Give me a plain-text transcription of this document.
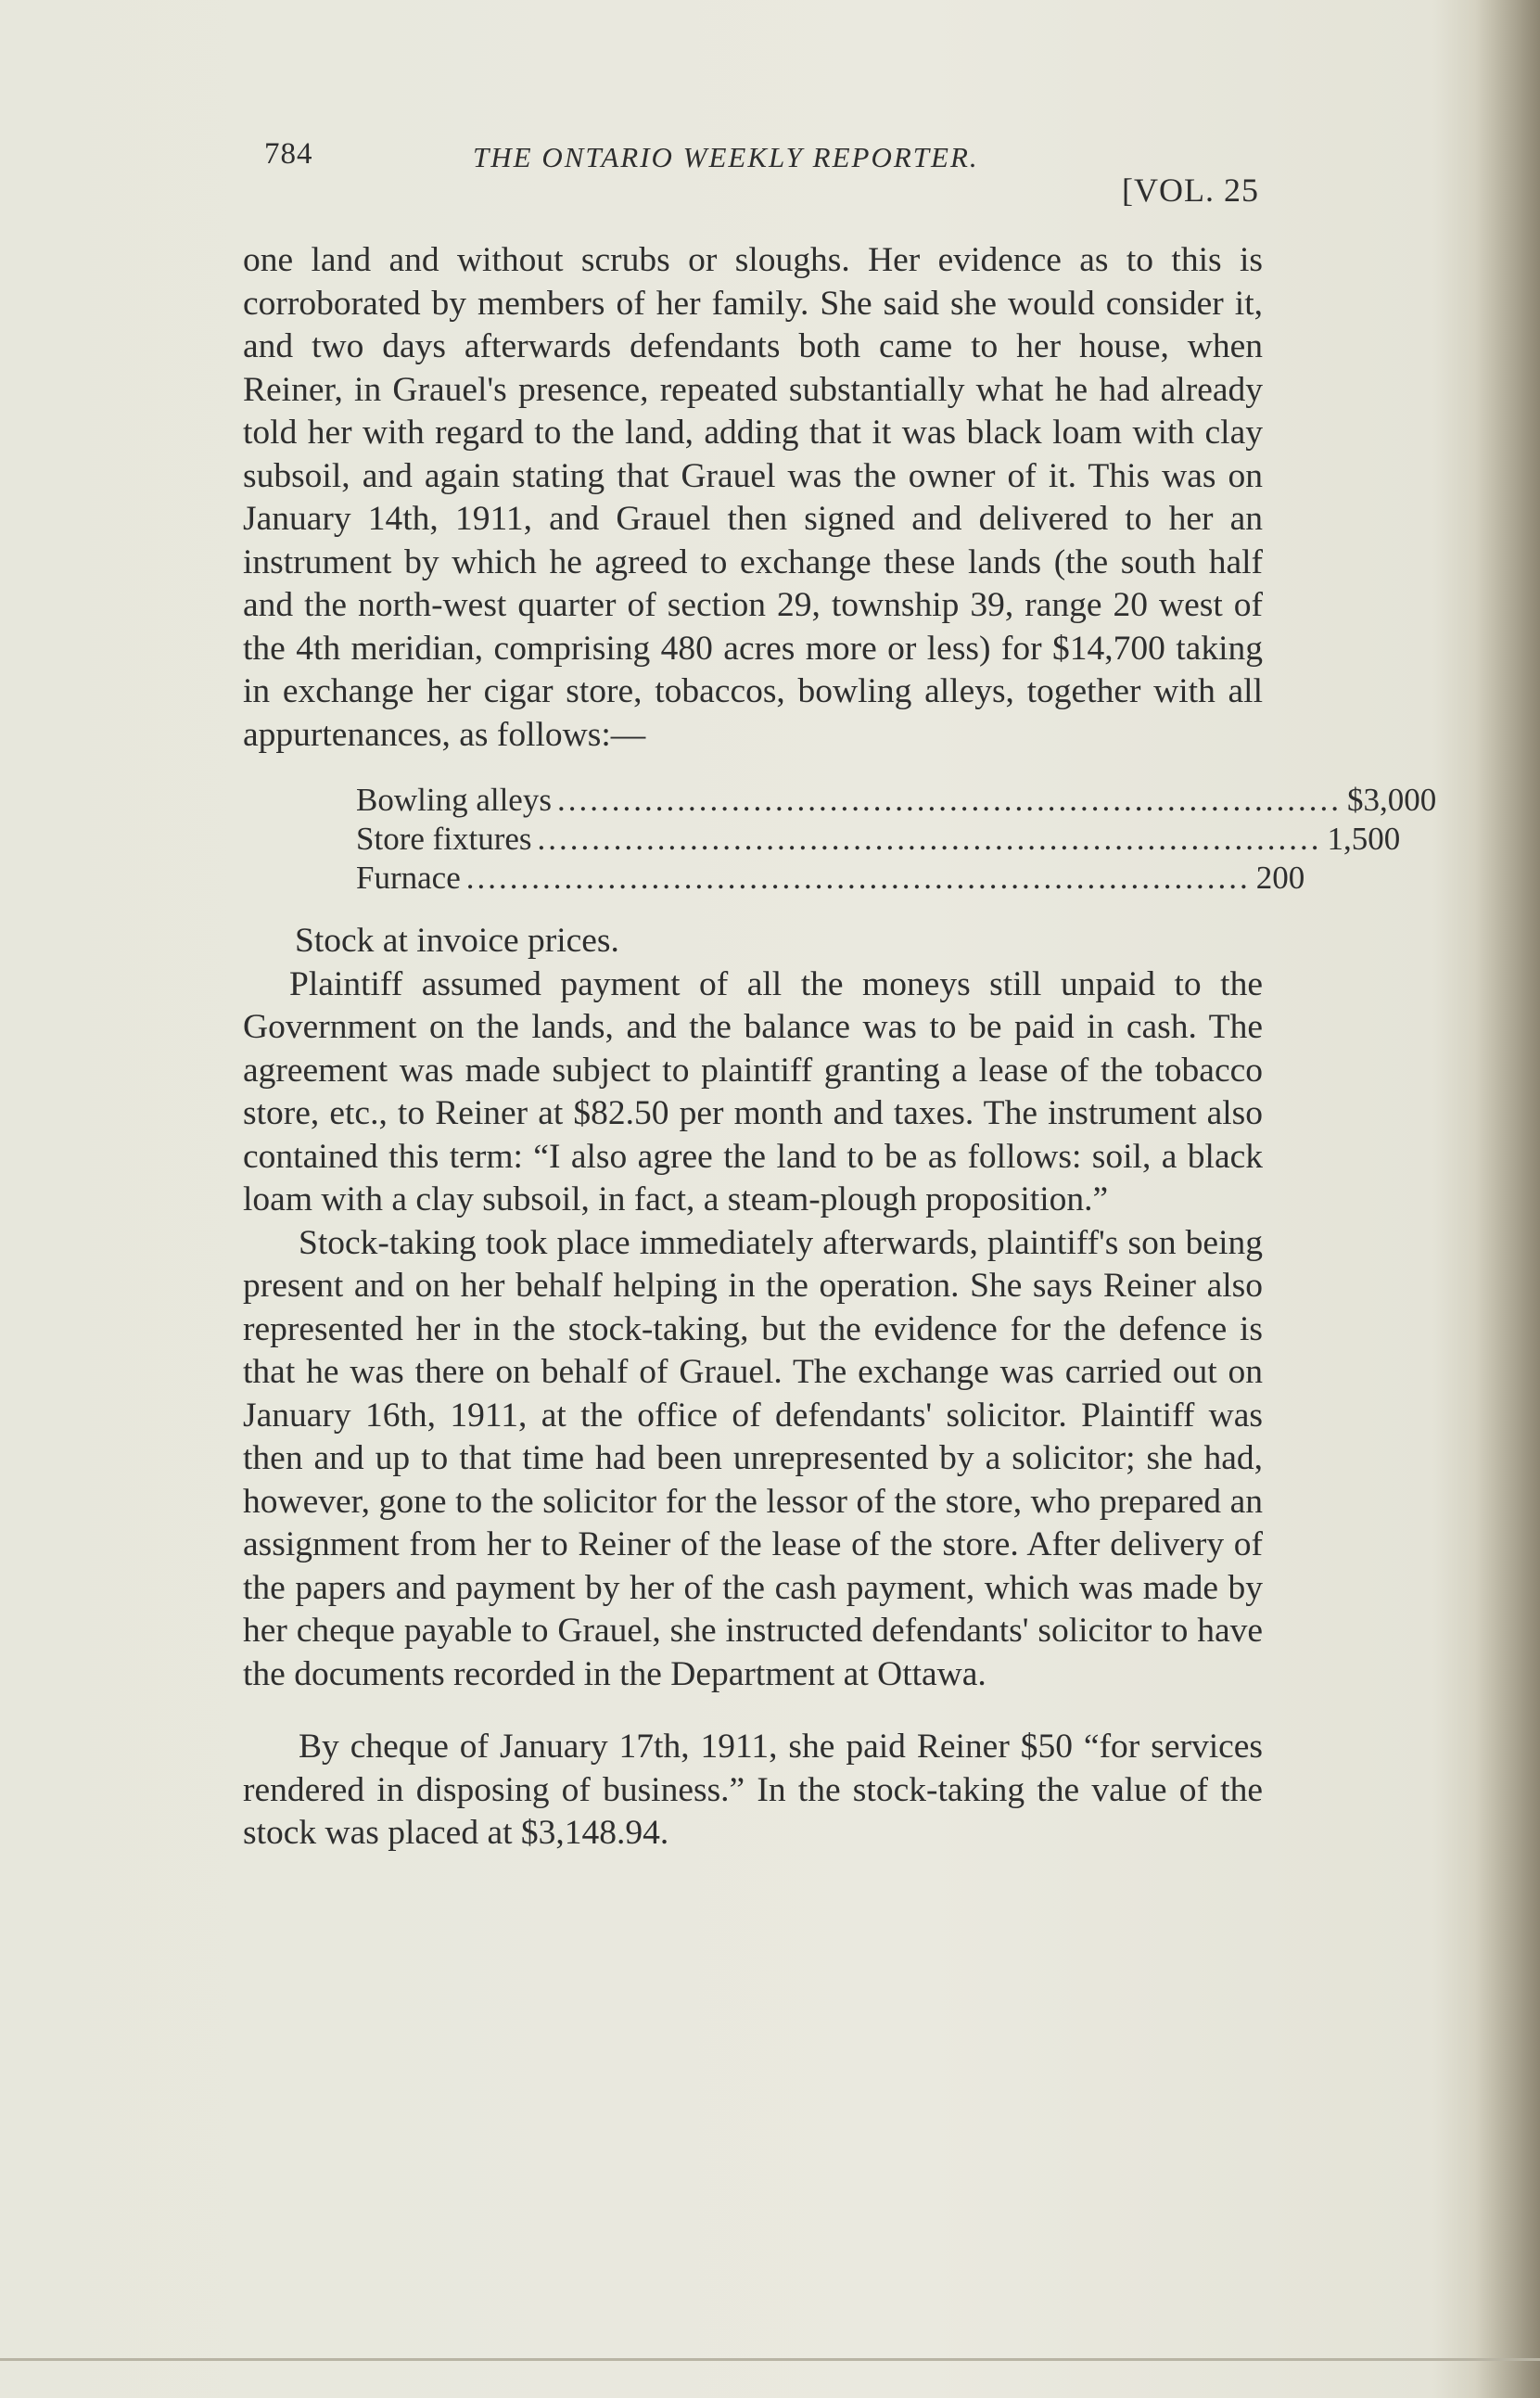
784	THE ONTARIO WEEKLY REPORTER.
[VOL. 25

one land and without scrubs or sloughs. Her evidence as to this is corroborated by members of her family. She said she would consider it, and two days afterwards defendants both came to her house, when Reiner, in Grauel's presence, repeated substantially what he had already told her with regard to the land, adding that it was black loam with clay subsoil, and again stating that Grauel was the owner of it. This was on January 14th, 1911, and Grauel then signed and delivered to her an instrument by which he agreed to exchange these lands (the south half and the north-west quarter of section 29, township 39, range 20 west of the 4th meridian, comprising 480 acres more or less) for $14,700 taking in exchange her cigar store, tobaccos, bowling alleys, together with all appurtenances, as follows:—

Bowling alleys ........................................................................ $3,000
Store fixtures ........................................................................ 1,500
Furnace ........................................................................ 200

Stock at invoice prices.

Plaintiff assumed payment of all the moneys still unpaid to the Government on the lands, and the balance was to be paid in cash. The agreement was made subject to plaintiff granting a lease of the tobacco store, etc., to Reiner at $82.50 per month and taxes. The instrument also contained this term: “I also agree the land to be as follows: soil, a black loam with a clay subsoil, in fact, a steam-plough proposition.”

Stock-taking took place immediately afterwards, plaintiff's son being present and on her behalf helping in the operation. She says Reiner also represented her in the stock-taking, but the evidence for the defence is that he was there on behalf of Grauel. The exchange was carried out on January 16th, 1911, at the office of defendants' solicitor. Plaintiff was then and up to that time had been unrepresented by a solicitor; she had, however, gone to the solicitor for the lessor of the store, who prepared an assignment from her to Reiner of the lease of the store. After delivery of the papers and payment by her of the cash payment, which was made by her cheque payable to Grauel, she instructed defendants' solicitor to have the documents recorded in the Department at Ottawa.

By cheque of January 17th, 1911, she paid Reiner $50 “for services rendered in disposing of business.” In the stock-taking the value of the stock was placed at $3,148.94.
